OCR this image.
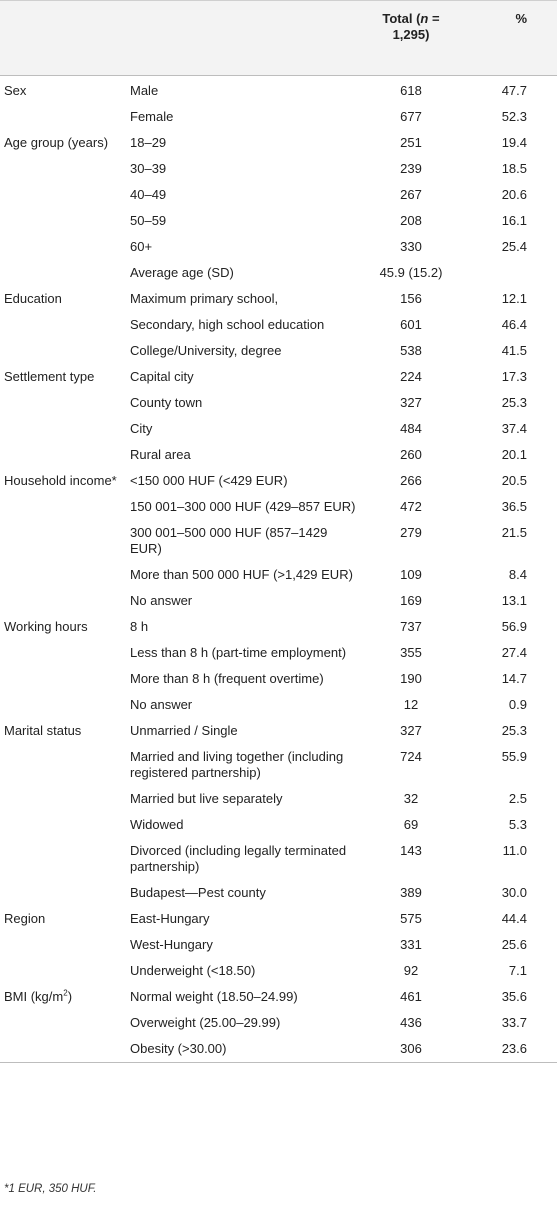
		Total (n = 1,295)	%
Sex	Male	618	47.7
	Female	677	52.3
Age group (years)	18–29	251	19.4
	30–39	239	18.5
	40–49	267	20.6
	50–59	208	16.1
	60+	330	25.4
	Average age (SD)	45.9 (15.2)	
Education	Maximum primary school,	156	12.1
	Secondary, high school education	601	46.4
	College/University, degree	538	41.5
Settlement type	Capital city	224	17.3
	County town	327	25.3
	City	484	37.4
	Rural area	260	20.1
Household income*	<150 000 HUF (<429 EUR)	266	20.5
	150 001–300 000 HUF (429–857 EUR)	472	36.5
	300 001–500 000 HUF (857–1429 EUR)	279	21.5
	More than 500 000 HUF (>1,429 EUR)	109	8.4
	No answer	169	13.1
Working hours	8 h	737	56.9
	Less than 8 h (part-time employment)	355	27.4
	More than 8 h (frequent overtime)	190	14.7
	No answer	12	0.9
Marital status	Unmarried / Single	327	25.3
	Married and living together (including registered partnership)	724	55.9
	Married but live separately	32	2.5
	Widowed	69	5.3
	Divorced (including legally terminated partnership)	143	11.0
	Budapest—Pest county	389	30.0
Region	East-Hungary	575	44.4
	West-Hungary	331	25.6
	Underweight (<18.50)	92	7.1
BMI $(kg/m^2)$	Normal weight (18.50–24.99)	461	35.6
	Overweight (25.00–29.99)	436	33.7
	Obesity (>30.00)	306	23.6
*1 EUR, 350 HUF.
